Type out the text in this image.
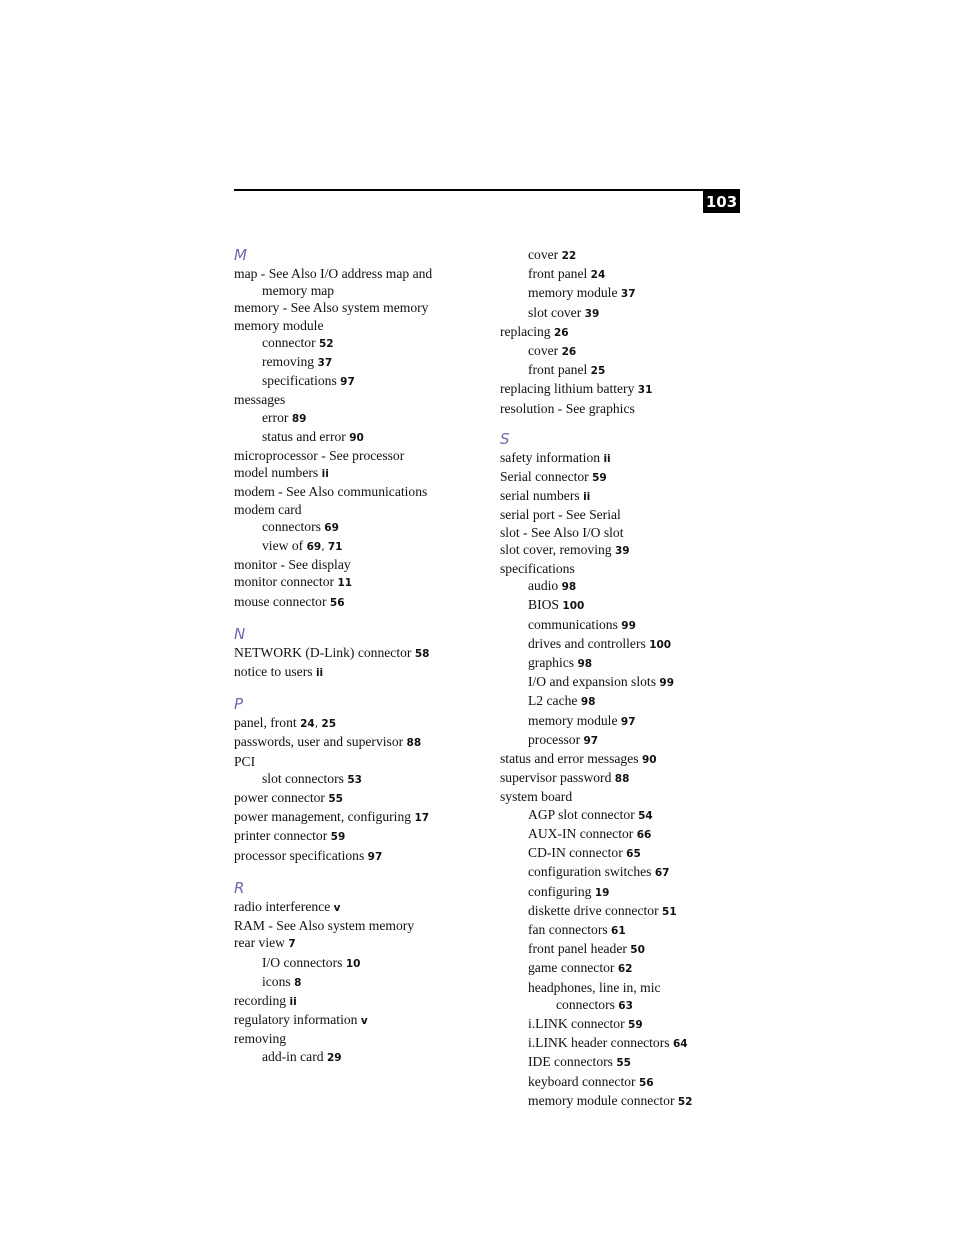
103
M
map - See Also I/O address map and
memory map
memory - See Also system memory
memory module
connector 52
removing 37
specifications 97
messages
error 89
status and error 90
microprocessor - See processor
model numbers ii
modem - See Also communications
modem card
connectors 69
view of 69, 71
monitor - See display
monitor connector 11
mouse connector 56
N
NETWORK (D-Link) connector 58
notice to users ii
P
panel, front 24, 25
passwords, user and supervisor 88
PCI
slot connectors 53
power connector 55
power management, configuring 17
printer connector 59
processor specifications 97
R
radio interference v
RAM - See Also system memory
rear view 7
I/O connectors 10
icons 8
recording ii
regulatory information v
removing
add-in card 29
cover 22
front panel 24
memory module 37
slot cover 39
replacing 26
cover 26
front panel 25
replacing lithium battery 31
resolution - See graphics
S
safety information ii
Serial connector 59
serial numbers ii
serial port - See Serial
slot - See Also I/O slot
slot cover, removing 39
specifications
audio 98
BIOS 100
communications 99
drives and controllers 100
graphics 98
I/O and expansion slots 99
L2 cache 98
memory module 97
processor 97
status and error messages 90
supervisor password 88
system board
AGP slot connector 54
AUX-IN connector 66
CD-IN connector 65
configuration switches 67
configuring 19
diskette drive connector 51
fan connectors 61
front panel header 50
game connector 62
headphones, line in, mic
connectors 63
i.LINK connector 59
i.LINK header connectors 64
IDE connectors 55
keyboard connector 56
memory module connector 52
